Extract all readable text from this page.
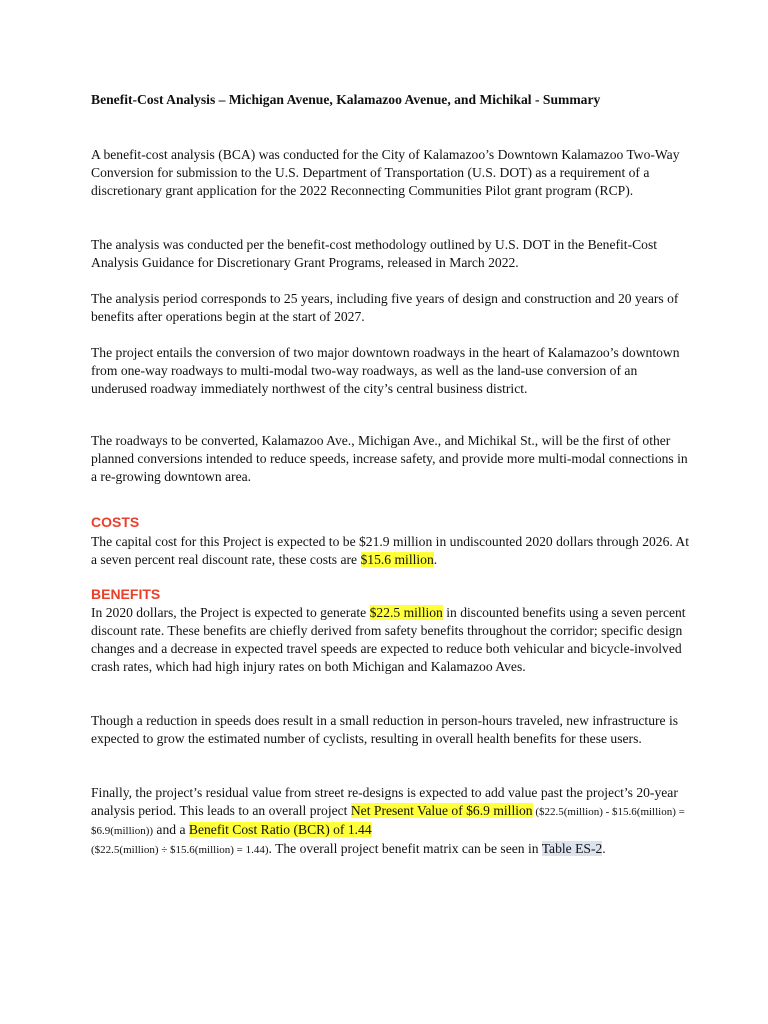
Benefit-Cost Analysis – Michigan Avenue, Kalamazoo Avenue, and Michikal - Summary

A benefit-cost analysis (BCA) was conducted for the City of Kalamazoo’s Downtown Kalamazoo Two-Way Conversion for submission to the U.S. Department of Transportation (U.S. DOT) as a requirement of a discretionary grant application for the 2022 Reconnecting Communities Pilot grant program (RCP).

The analysis was conducted per the benefit-cost methodology outlined by U.S. DOT in the Benefit-Cost Analysis Guidance for Discretionary Grant Programs, released in March 2022.

The analysis period corresponds to 25 years, including five years of design and construction and 20 years of benefits after operations begin at the start of 2027.

The project entails the conversion of two major downtown roadways in the heart of Kalamazoo’s downtown from one-way roadways to multi-modal two-way roadways, as well as the land-use conversion of an underused roadway immediately northwest of the city’s central business district.

The roadways to be converted, Kalamazoo Ave., Michigan Ave., and Michikal St., will be the first of other planned conversions intended to reduce speeds, increase safety, and provide more multi-modal connections in a re-growing downtown area.

COSTS

The capital cost for this Project is expected to be $21.9 million in undiscounted 2020 dollars through 2026. At a seven percent real discount rate, these costs are $15.6 million.

BENEFITS

In 2020 dollars, the Project is expected to generate $22.5 million in discounted benefits using a seven percent discount rate. These benefits are chiefly derived from safety benefits throughout the corridor; specific design changes and a decrease in expected travel speeds are expected to reduce both vehicular and bicycle-involved crash rates, which had high injury rates on both Michigan and Kalamazoo Aves.

Though a reduction in speeds does result in a small reduction in person-hours traveled, new infrastructure is expected to grow the estimated number of cyclists, resulting in overall health benefits for these users.

Finally, the project’s residual value from street re-designs is expected to add value past the project’s 20-year analysis period. This leads to an overall project Net Present Value of $6.9 million ($22.5(million) - $15.6(million) = $6.9(million)) and a Benefit Cost Ratio (BCR) of 1.44
($22.5(million) ÷ $15.6(million) = 1.44). The overall project benefit matrix can be seen in Table ES-2.
